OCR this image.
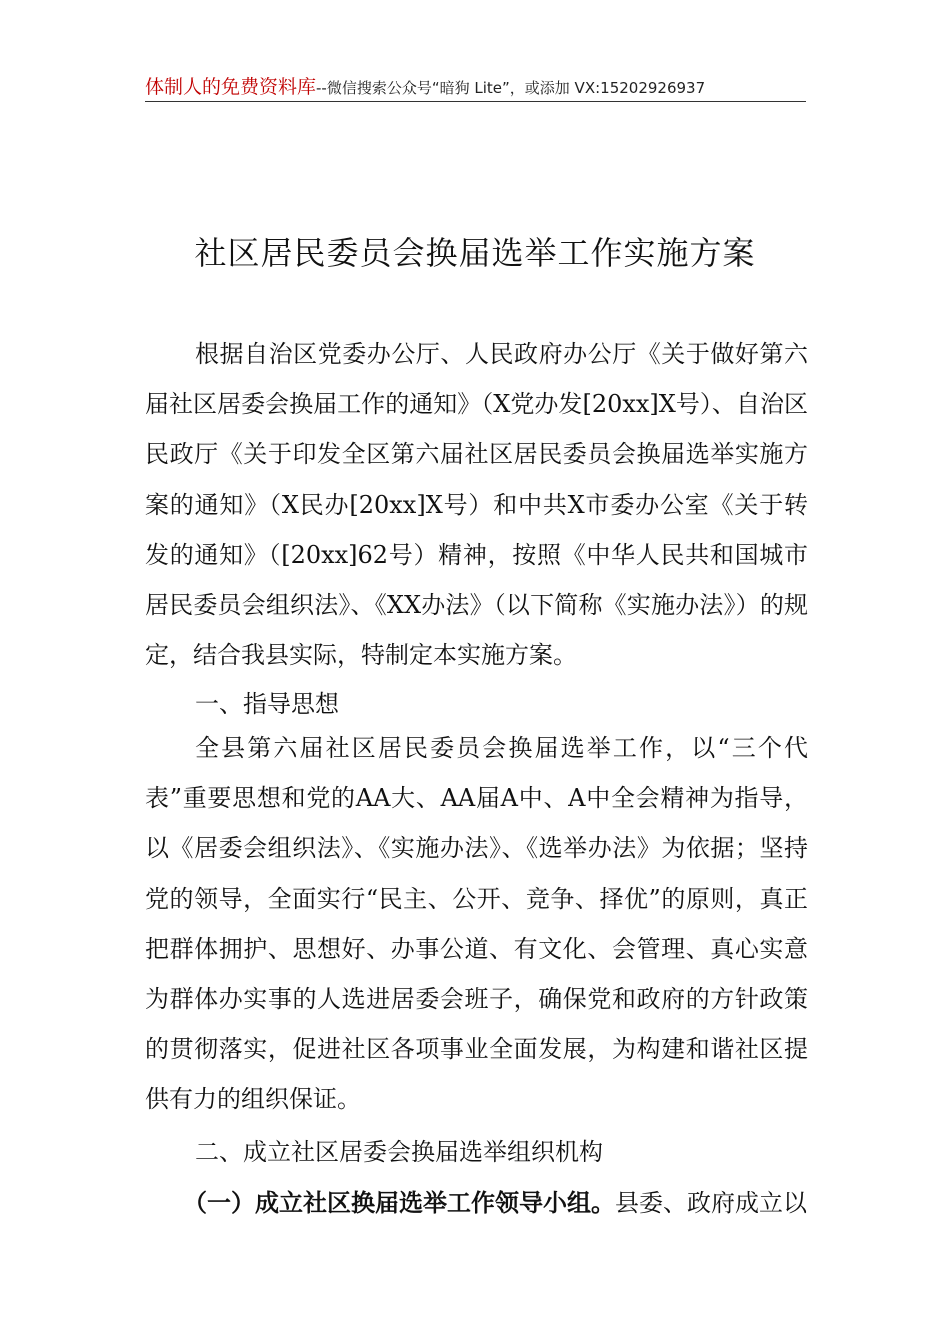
体制人的免费资料库--微信搜索公众号“暗狗 Lite”，或添加 VX:15202926937
社区居民委员会换届选举工作实施方案

根据自治区党委办公厅、人民政府办公厅《关于做好第六届社区居委会换届工作的通知》（X党办发[20xx]X号）、自治区民政厅《关于印发全区第六届社区居民委员会换届选举实施方案的通知》（X民办[20xx]X号）和中共X市委办公室《关于转发的通知》（[20xx]62号）精神，按照《中华人民共和国城市居民委员会组织法》、《XX办法》（以下简称《实施办法》）的规定，结合我县实际，特制定本实施方案。

一、指导思想

全县第六届社区居民委员会换届选举工作，以“三个代表”重要思想和党的AA大、AA届A中、A中全会精神为指导，以《居委会组织法》、《实施办法》、《选举办法》为依据；坚持党的领导，全面实行“民主、公开、竞争、择优”的原则，真正把群体拥护、思想好、办事公道、有文化、会管理、真心实意为群体办实事的人选进居委会班子，确保党和政府的方针政策的贯彻落实，促进社区各项事业全面发展，为构建和谐社区提供有力的组织保证。

二、成立社区居委会换届选举组织机构
（一）成立社区换届选举工作领导小组。县委、政府成立以
